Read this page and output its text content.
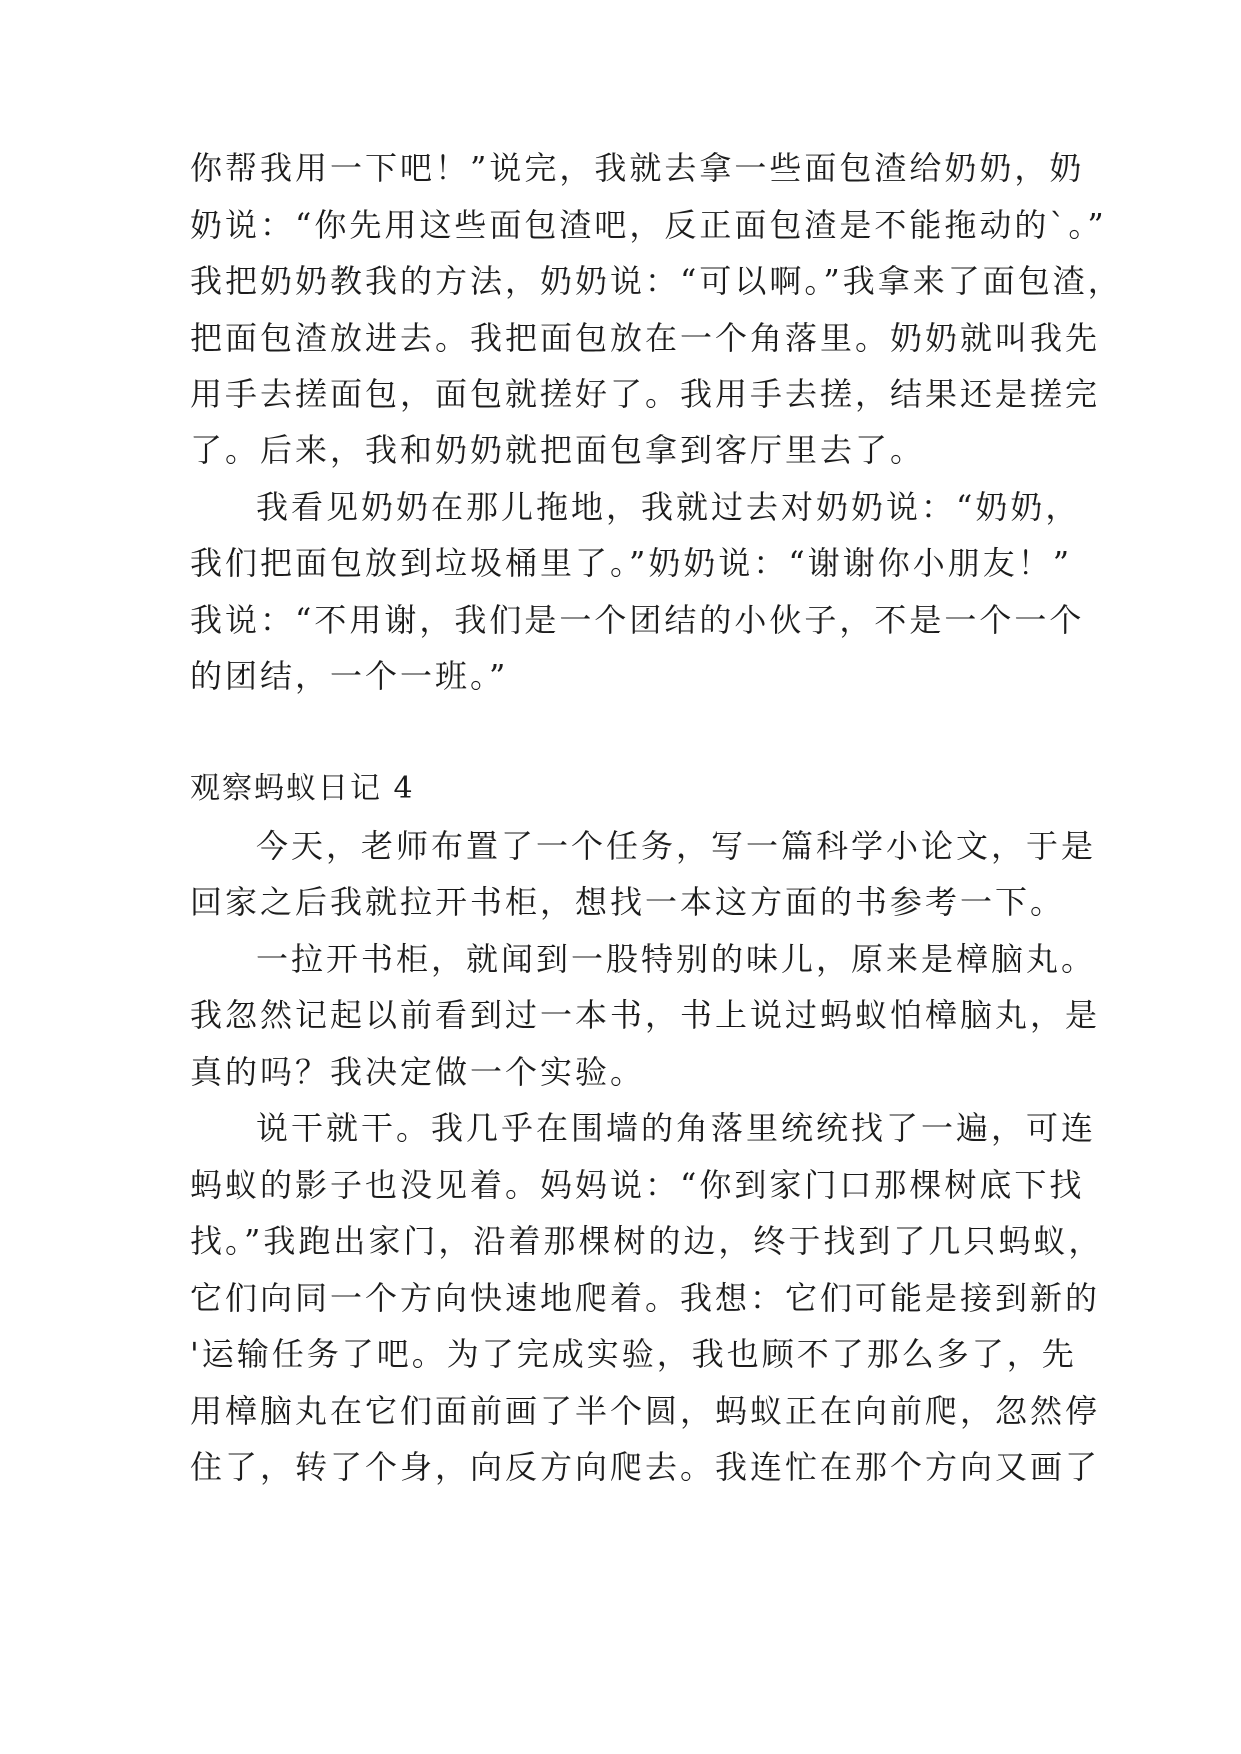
你帮我用一下吧！”说完，我就去拿一些面包渣给奶奶，奶

奶说：“你先用这些面包渣吧，反正面包渣是不能拖动的`。”

我把奶奶教我的方法，奶奶说：“可以啊。”我拿来了面包渣，

把面包渣放进去。我把面包放在一个角落里。奶奶就叫我先

用手去搓面包，面包就搓好了。我用手去搓，结果还是搓完

了。后来，我和奶奶就把面包拿到客厅里去了。

我看见奶奶在那儿拖地，我就过去对奶奶说：“奶奶，

我们把面包放到垃圾桶里了。”奶奶说：“谢谢你小朋友！”

我说：“不用谢，我们是一个团结的小伙子，不是一个一个

的团结，一个一班。”

观察蚂蚁日记 4

今天，老师布置了一个任务，写一篇科学小论文，于是

回家之后我就拉开书柜，想找一本这方面的书参考一下。

一拉开书柜，就闻到一股特别的味儿，原来是樟脑丸。

我忽然记起以前看到过一本书，书上说过蚂蚁怕樟脑丸，是

真的吗？我决定做一个实验。

说干就干。我几乎在围墙的角落里统统找了一遍，可连

蚂蚁的影子也没见着。妈妈说：“你到家门口那棵树底下找

找。”我跑出家门，沿着那棵树的边，终于找到了几只蚂蚁，

它们向同一个方向快速地爬着。我想：它们可能是接到新的

'运输任务了吧。为了完成实验，我也顾不了那么多了，先

用樟脑丸在它们面前画了半个圆，蚂蚁正在向前爬，忽然停

住了，转了个身，向反方向爬去。我连忙在那个方向又画了
